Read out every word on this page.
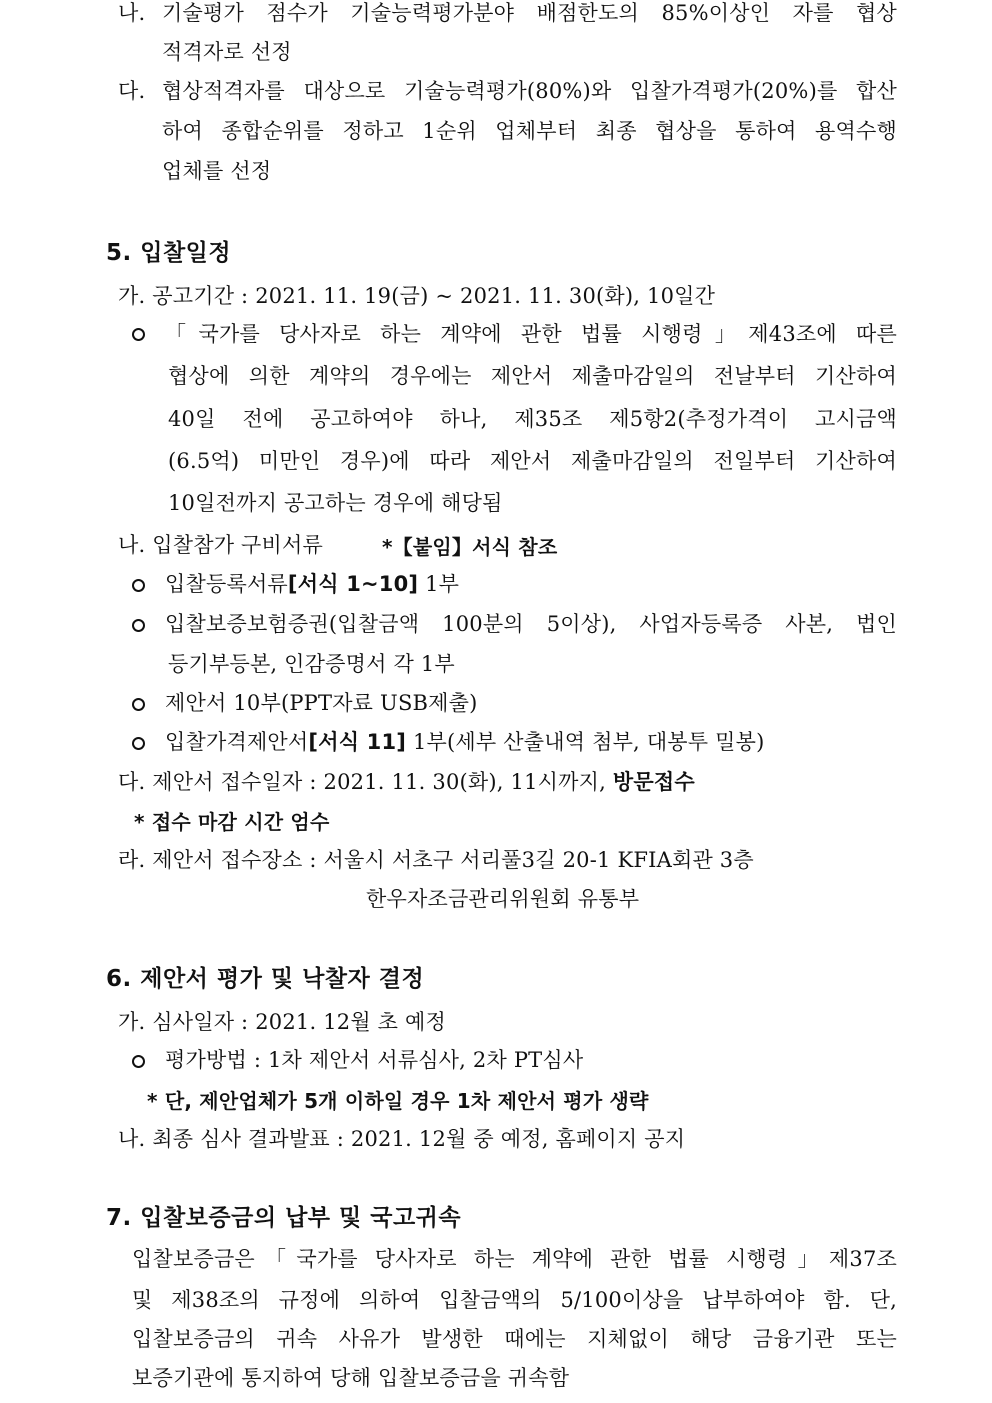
나. 기술평가 점수가 기술능력평가분야 배점한도의 85%이상인 자를 협상
적격자로 선정
다. 협상적격자를 대상으로 기술능력평가(80%)와 입찰가격평가(20%)를 합산
하여 종합순위를 정하고 1순위 업체부터 최종 협상을 통하여 용역수행
업체를 선정
5. 입찰일정
가. 공고기간 : 2021. 11. 19(금) ~ 2021. 11. 30(화), 10일간
「국가를 당사자로 하는 계약에 관한 법률 시행령」제43조에 따른
협상에 의한 계약의 경우에는 제안서 제출마감일의 전날부터 기산하여
40일 전에 공고하여야 하나, 제35조 제5항2(추정가격이 고시금액
(6.5억) 미만인 경우)에 따라 제안서 제출마감일의 전일부터 기산하여
10일전까지 공고하는 경우에 해당됨
나. 입찰참가 구비서류	*【붙임】서식 참조
입찰등록서류[서식 1~10] 1부
입찰보증보험증권(입찰금액 100분의 5이상), 사업자등록증 사본, 법인
등기부등본, 인감증명서 각 1부
제안서 10부(PPT자료 USB제출)
입찰가격제안서[서식 11] 1부(세부 산출내역 첨부, 대봉투 밀봉)
다. 제안서 접수일자 : 2021. 11. 30(화), 11시까지, 방문접수
* 접수 마감 시간 엄수
라. 제안서 접수장소 : 서울시 서초구 서리풀3길 20-1 KFIA회관 3층
한우자조금관리위원회 유통부
6. 제안서 평가 및 낙찰자 결정
가. 심사일자 : 2021. 12월 초 예정
평가방법 : 1차 제안서 서류심사, 2차 PT심사
* 단, 제안업체가 5개 이하일 경우 1차 제안서 평가 생략
나. 최종 심사 결과발표 : 2021. 12월 중 예정, 홈페이지 공지
7. 입찰보증금의 납부 및 국고귀속
입찰보증금은「국가를 당사자로 하는 계약에 관한 법률 시행령」제37조
및 제38조의 규정에 의하여 입찰금액의 5/100이상을 납부하여야 함. 단,
입찰보증금의 귀속 사유가 발생한 때에는 지체없이 해당 금융기관 또는
보증기관에 통지하여 당해 입찰보증금을 귀속함
